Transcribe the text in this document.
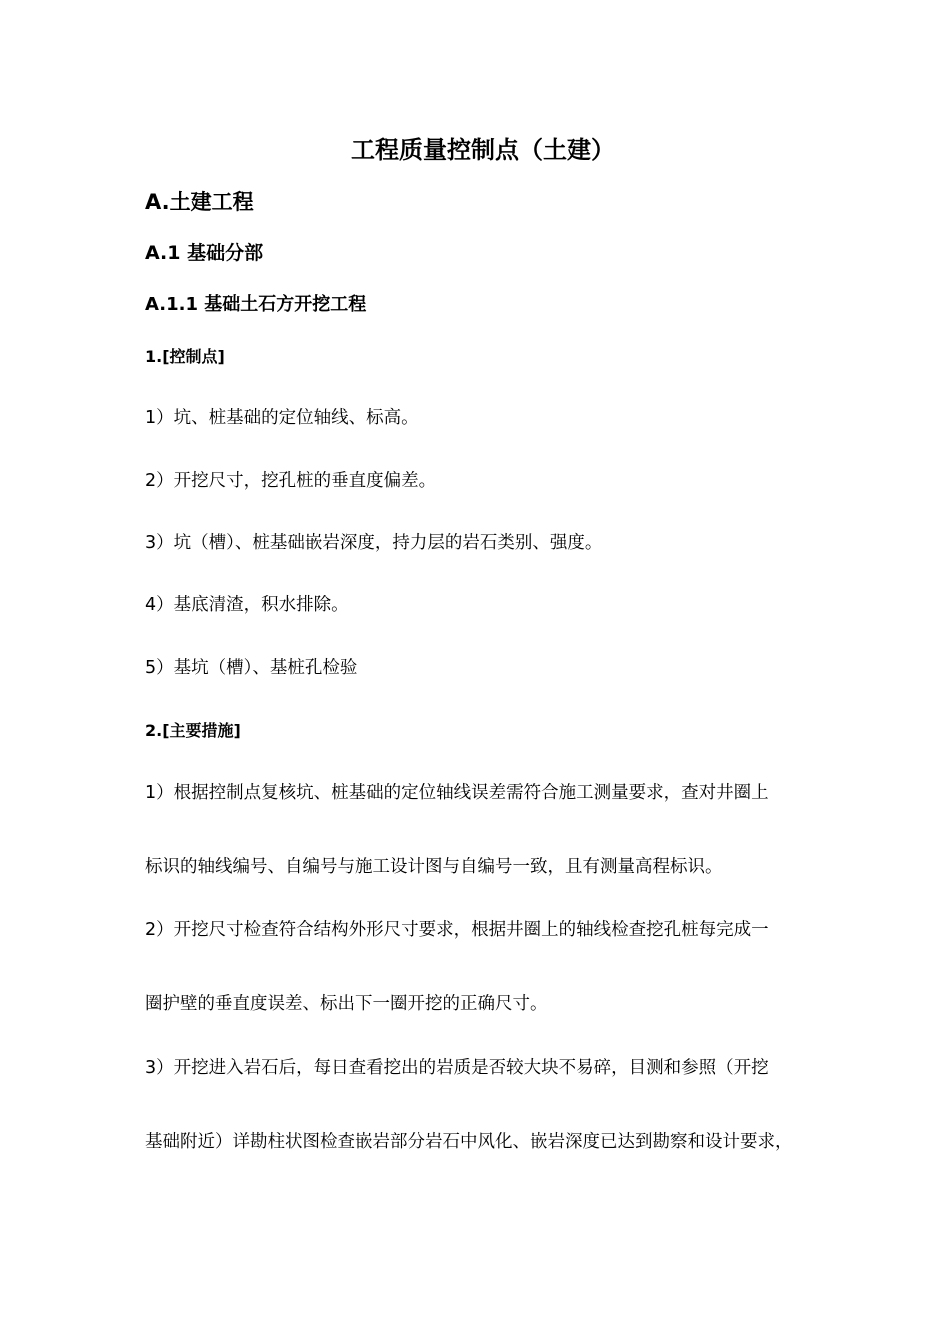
工程质量控制点（土建）
A.土建工程
A.1 基础分部
A.1.1 基础土石方开挖工程
1.[控制点]
1）坑、桩基础的定位轴线、标高。
2）开挖尺寸，挖孔桩的垂直度偏差。
3）坑（槽）、桩基础嵌岩深度，持力层的岩石类别、强度。
4）基底清渣，积水排除。
5）基坑（槽）、基桩孔检验
2.[主要措施]
1）根据控制点复核坑、桩基础的定位轴线误差需符合施工测量要求，查对井圈上
标识的轴线编号、自编号与施工设计图与自编号一致，且有测量高程标识。
2）开挖尺寸检查符合结构外形尺寸要求，根据井圈上的轴线检查挖孔桩每完成一
圈护壁的垂直度误差、标出下一圈开挖的正确尺寸。
3）开挖进入岩石后，每日查看挖出的岩质是否较大块不易碎，目测和参照（开挖
基础附近）详勘柱状图检查嵌岩部分岩石中风化、嵌岩深度已达到勘察和设计要求，
